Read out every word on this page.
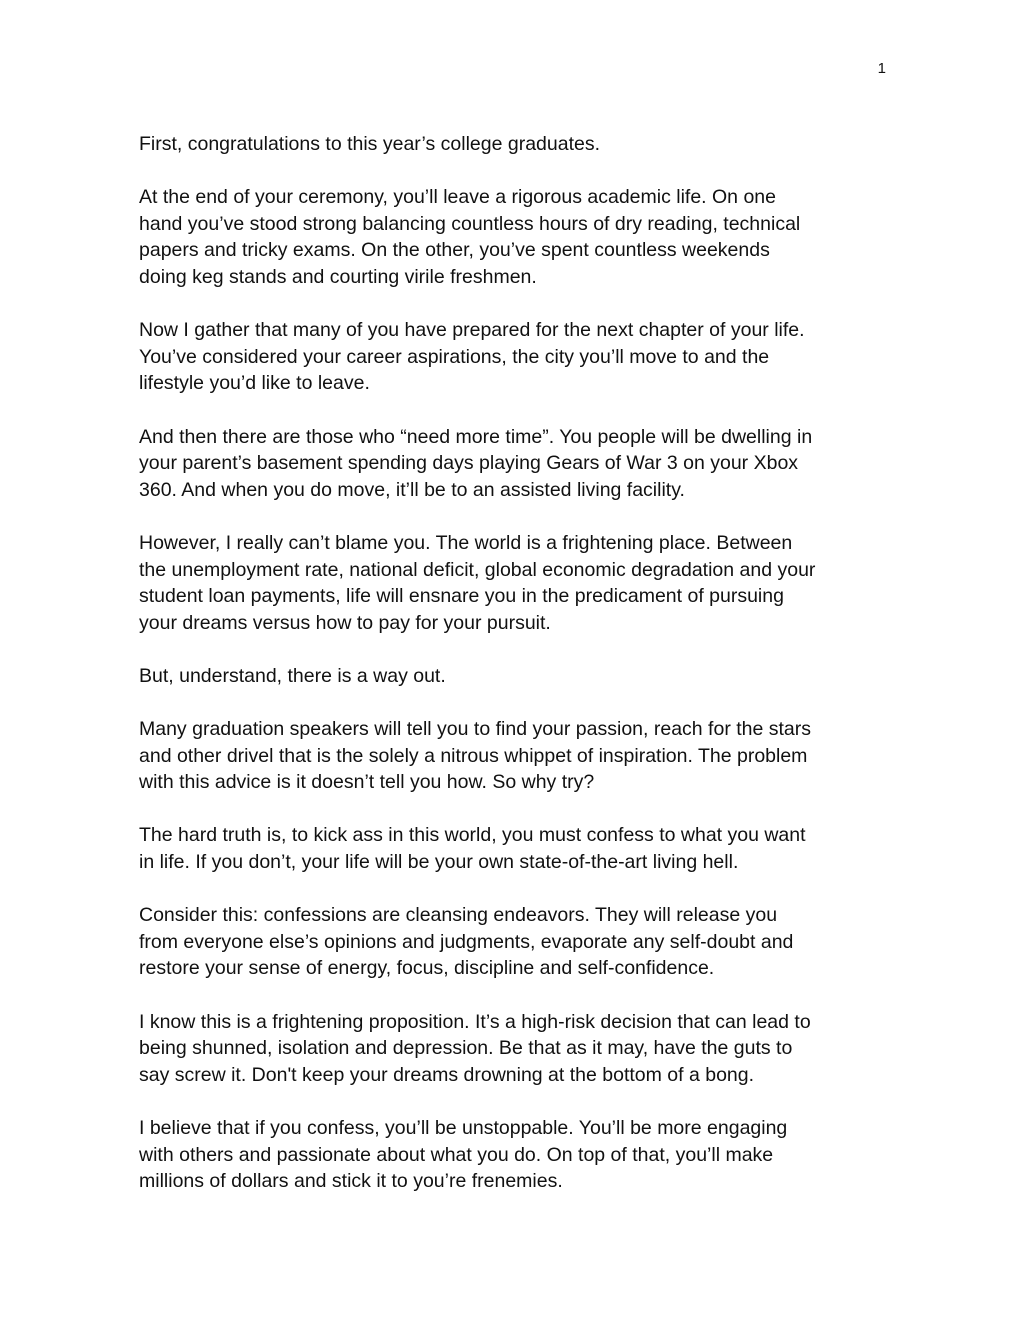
1

First, congratulations to this year’s college graduates.

At the end of your ceremony, you’ll leave a rigorous academic life. On one
hand you’ve stood strong balancing countless hours of dry reading, technical
papers and tricky exams. On the other, you’ve spent countless weekends
doing keg stands and courting virile freshmen.

Now I gather that many of you have prepared for the next chapter of your life.
You’ve considered your career aspirations, the city you’ll move to and the
lifestyle you’d like to leave.

And then there are those who “need more time”. You people will be dwelling in
your parent’s basement spending days playing Gears of War 3 on your Xbox
360. And when you do move, it’ll be to an assisted living facility.

However, I really can’t blame you. The world is a frightening place. Between
the unemployment rate, national deficit, global economic degradation and your
student loan payments, life will ensnare you in the predicament of pursuing
your dreams versus how to pay for your pursuit.

But, understand, there is a way out.

Many graduation speakers will tell you to find your passion, reach for the stars
and other drivel that is the solely a nitrous whippet of inspiration. The problem
with this advice is it doesn’t tell you how. So why try?

The hard truth is, to kick ass in this world, you must confess to what you want
in life. If you don’t, your life will be your own state-of-the-art living hell.

Consider this: confessions are cleansing endeavors. They will release you
from everyone else’s opinions and judgments, evaporate any self-doubt and
restore your sense of energy, focus, discipline and self-confidence.

I know this is a frightening proposition. It’s a high-risk decision that can lead to
being shunned, isolation and depression. Be that as it may, have the guts to
say screw it. Don't keep your dreams drowning at the bottom of a bong.

I believe that if you confess, you’ll be unstoppable. You’ll be more engaging
with others and passionate about what you do. On top of that, you’ll make
millions of dollars and stick it to you’re frenemies.
